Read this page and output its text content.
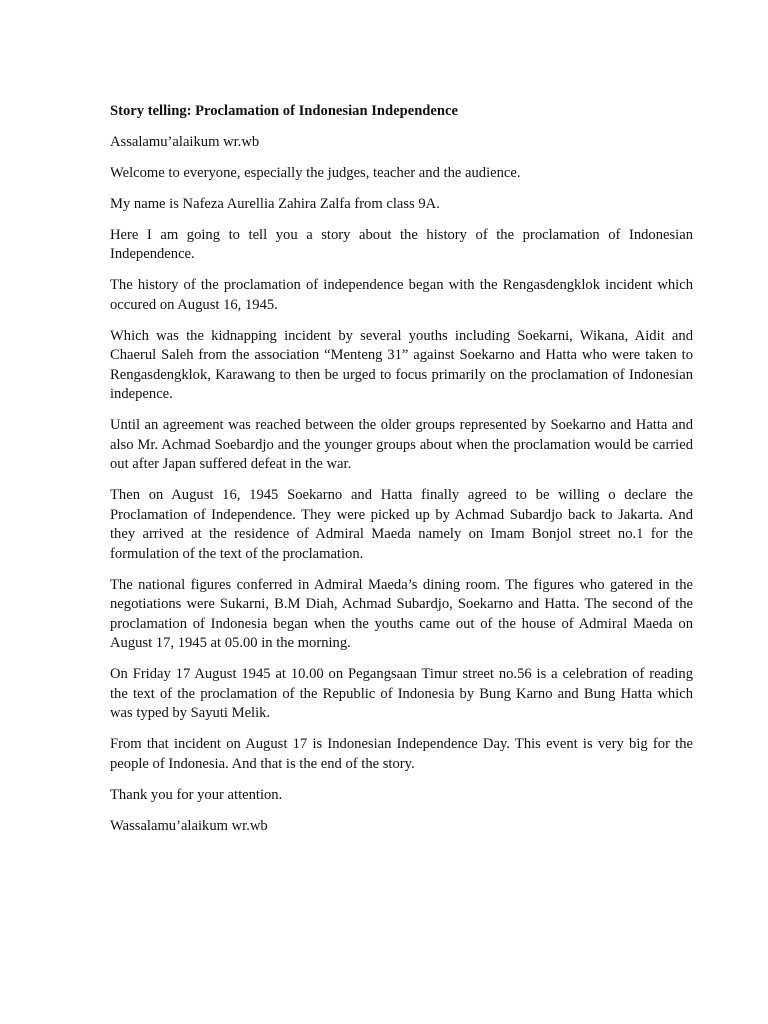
Story telling: Proclamation of Indonesian Independence

Assalamu’alaikum wr.wb

Welcome to everyone, especially the judges, teacher and the audience.

My name is Nafeza Aurellia Zahira Zalfa from class 9A.

Here I am going to tell you a story about the history of the proclamation of Indonesian Independence.

The history of the proclamation of independence began with the Rengasdengklok incident which occured on August 16, 1945.

Which was the kidnapping incident by several youths including Soekarni, Wikana, Aidit and Chaerul Saleh from the association “Menteng 31” against Soekarno and Hatta who were taken to Rengasdengklok, Karawang to then be urged to focus primarily on the proclamation of Indonesian indepence.

Until an agreement was reached between the older groups represented by Soekarno and Hatta and also Mr. Achmad Soebardjo and the younger groups about when the proclamation would be carried out after Japan suffered defeat in the war.

Then on August 16, 1945 Soekarno and Hatta finally agreed to be willing o declare the Proclamation of Independence. They were picked up by Achmad Subardjo back to Jakarta. And they arrived at the residence of Admiral Maeda namely on Imam Bonjol street no.1 for the formulation of the text of the proclamation.

The national figures conferred in Admiral Maeda’s dining room. The figures who gatered in the negotiations were Sukarni, B.M Diah, Achmad Subardjo, Soekarno and Hatta. The second of the proclamation of Indonesia began when the youths came out of the house of Admiral Maeda on August 17, 1945 at 05.00 in the morning.

On Friday 17 August 1945 at 10.00 on Pegangsaan Timur street no.56 is a celebration of reading the text of the proclamation of the Republic of Indonesia by Bung Karno and Bung Hatta which was typed by Sayuti Melik.

From that incident on August 17 is Indonesian Independence Day. This event is very big for the people of Indonesia. And that is the end of the story.

Thank you for your attention.

Wassalamu’alaikum wr.wb
